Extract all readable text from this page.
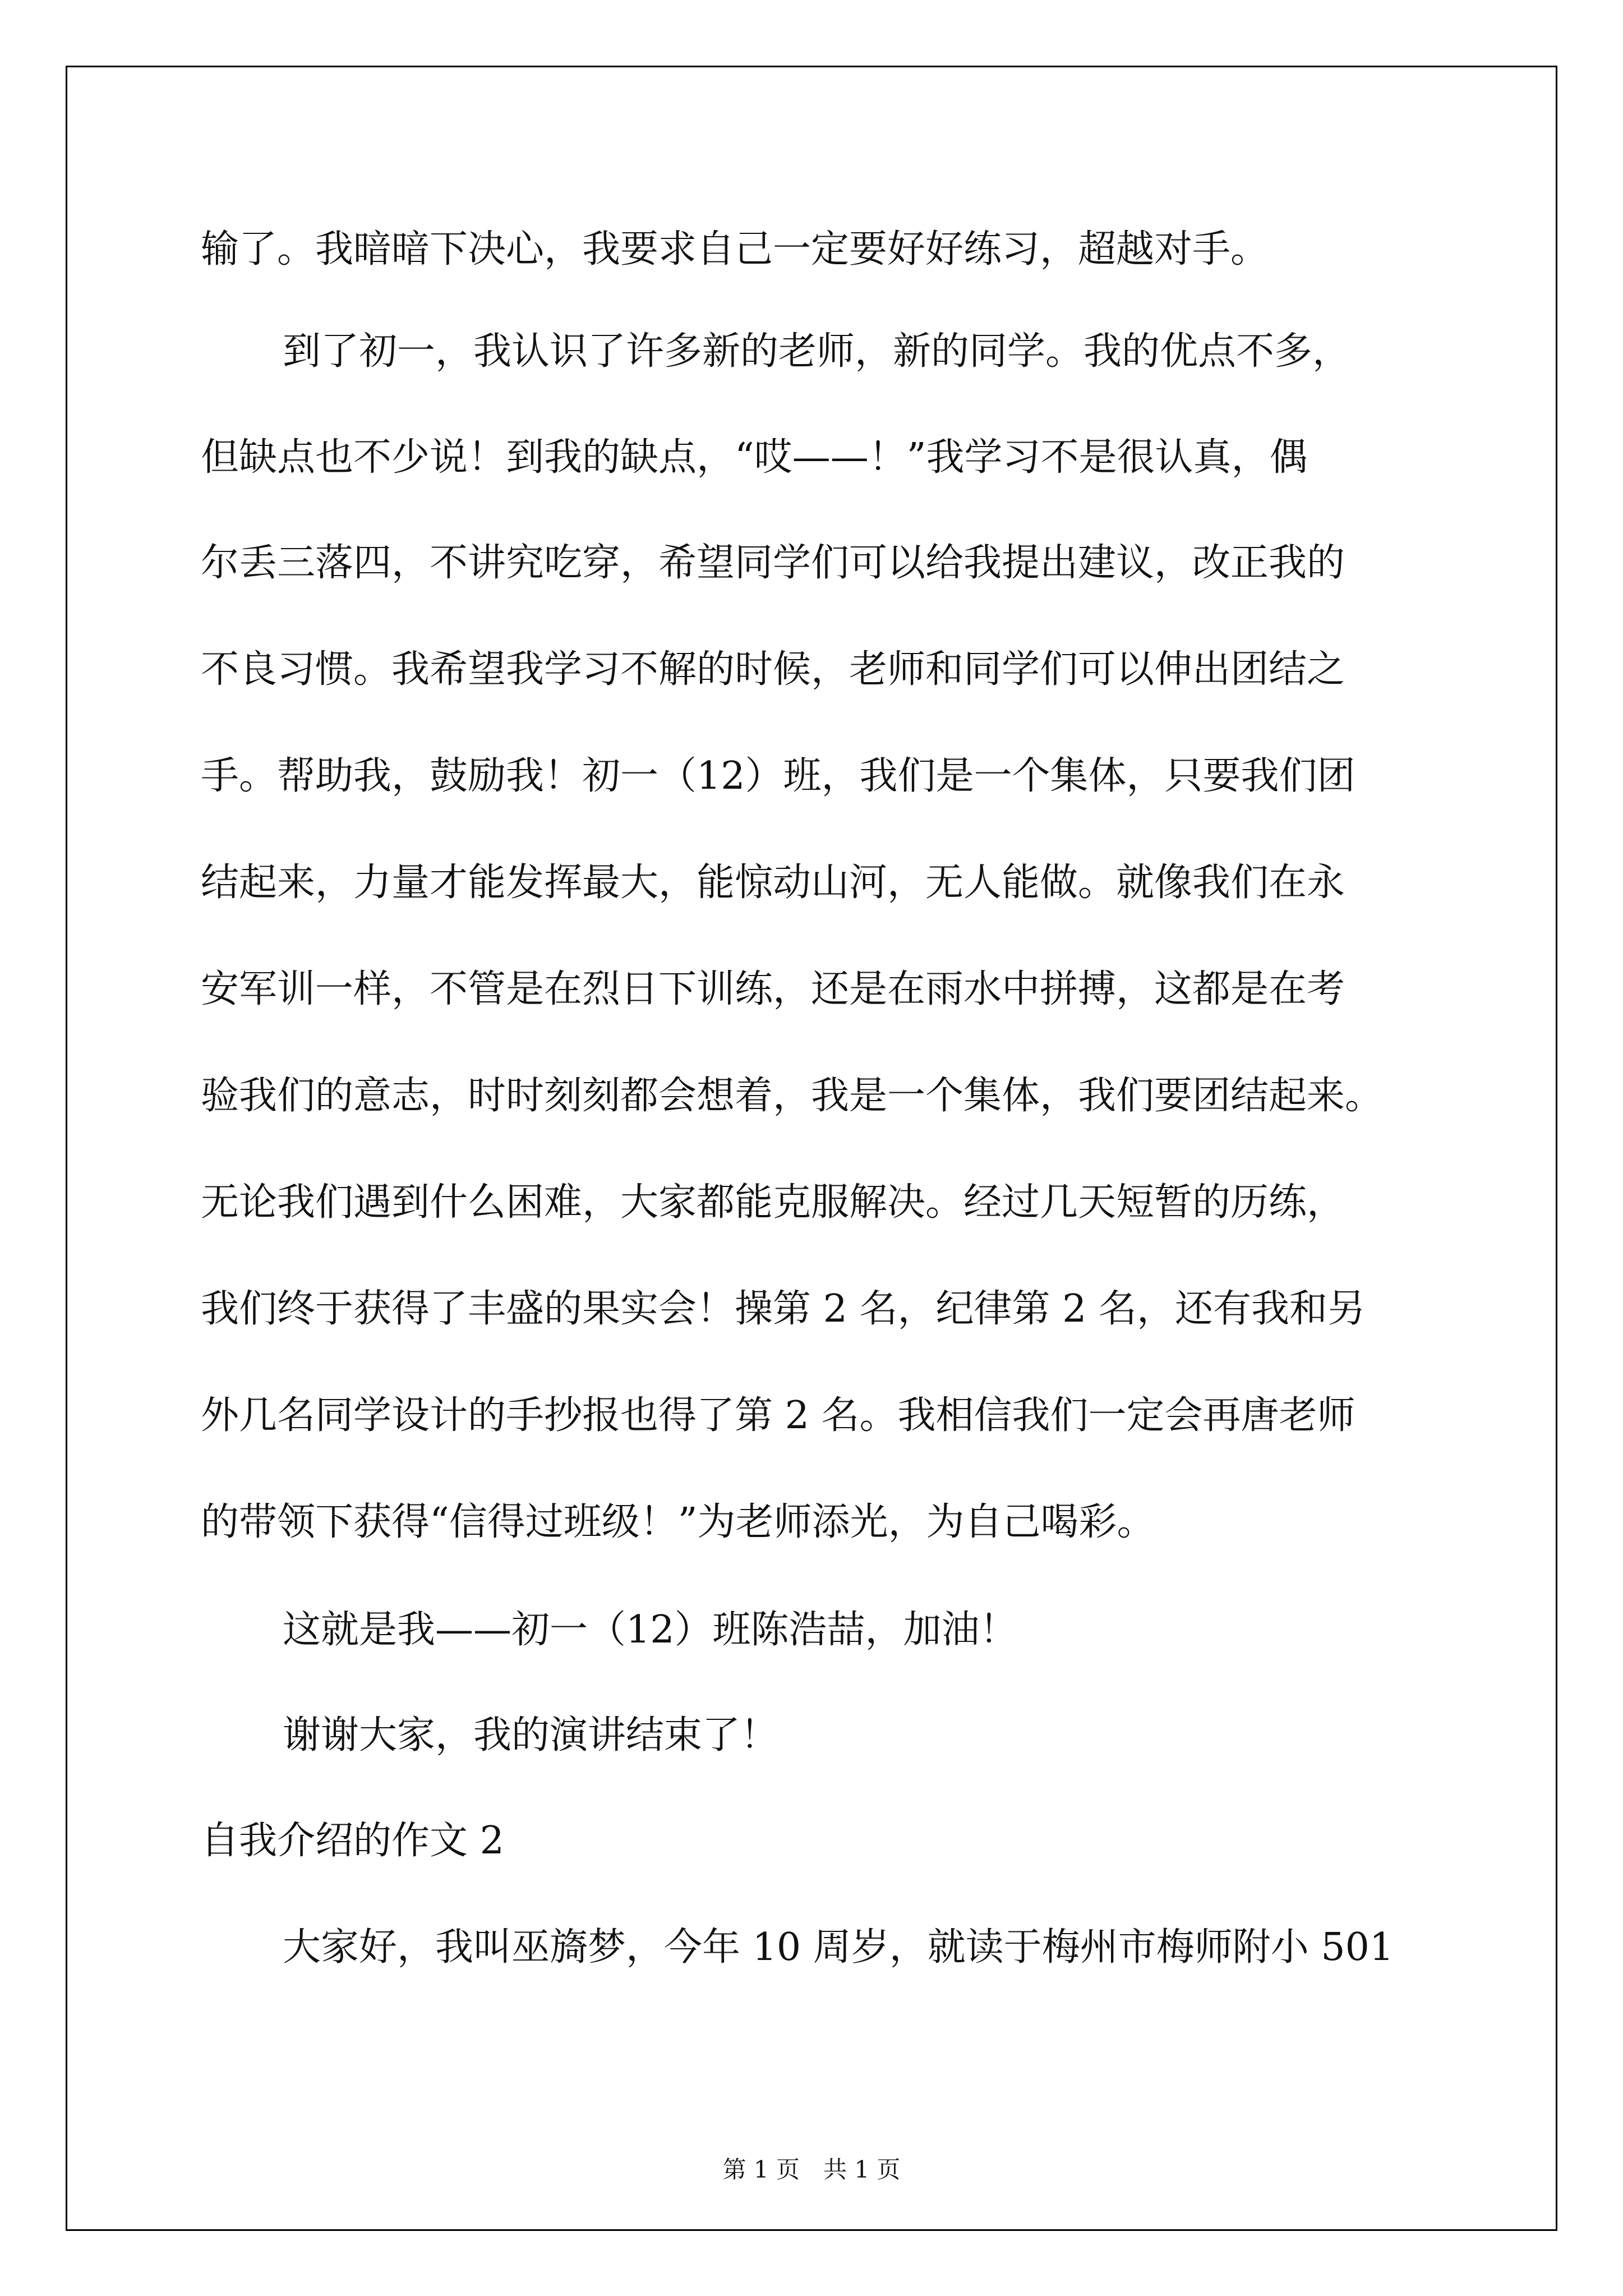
输了。我暗暗下决心，我要求自己一定要好好练习，超越对手。
到了初一，我认识了许多新的老师，新的同学。我的优点不多，
但缺点也不少说！到我的缺点，“哎——！”我学习不是很认真，偶
尔丢三落四，不讲究吃穿，希望同学们可以给我提出建议，改正我的
不良习惯。我希望我学习不解的时候，老师和同学们可以伸出团结之
手。帮助我，鼓励我！初一（12）班，我们是一个集体，只要我们团
结起来，力量才能发挥最大，能惊动山河，无人能做。就像我们在永
安军训一样，不管是在烈日下训练，还是在雨水中拼搏，这都是在考
验我们的意志，时时刻刻都会想着，我是一个集体，我们要团结起来。
无论我们遇到什么困难，大家都能克服解决。经过几天短暂的历练，
我们终于获得了丰盛的果实会！操第 2 名，纪律第 2 名，还有我和另
外几名同学设计的手抄报也得了第 2 名。我相信我们一定会再唐老师
的带领下获得“信得过班级！”为老师添光，为自己喝彩。
这就是我——初一（12）班陈浩喆，加油！
谢谢大家，我的演讲结束了！
自我介绍的作文 2
大家好，我叫巫旖梦，今年 10 周岁，就读于梅州市梅师附小 501
第 1 页　共 1 页
